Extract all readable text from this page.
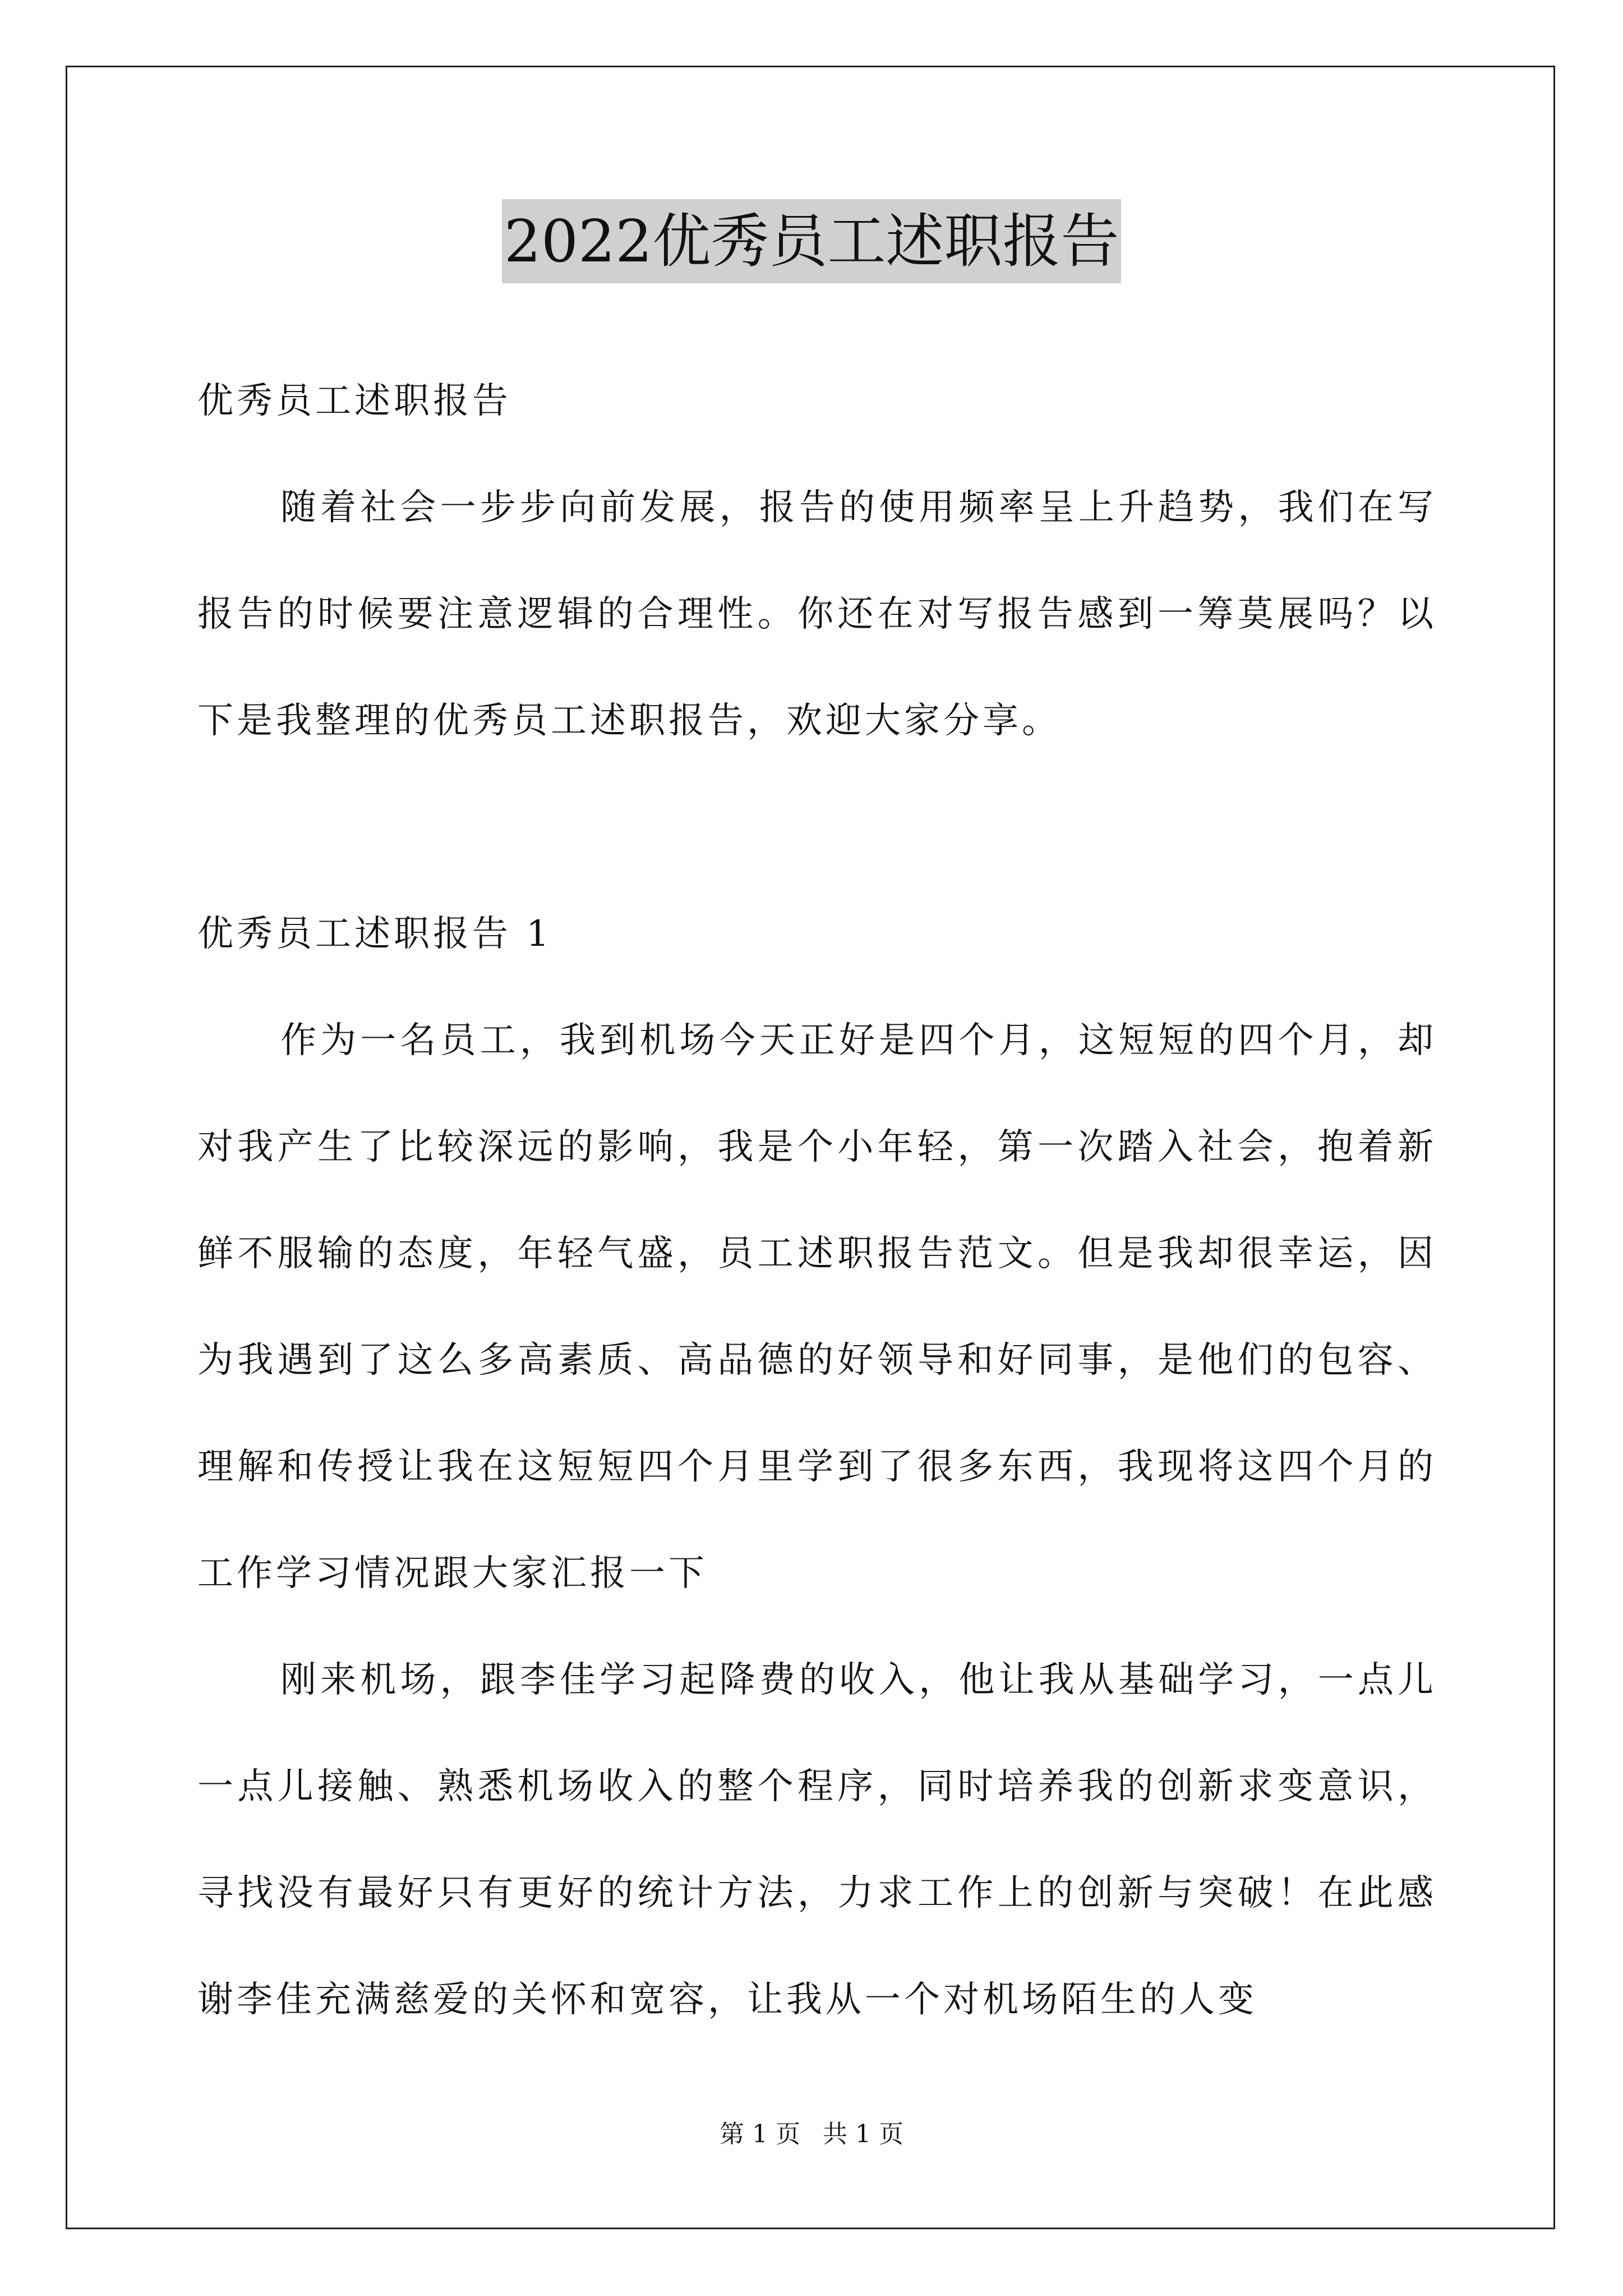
2022优秀员工述职报告

优秀员工述职报告

随着社会一步步向前发展，报告的使用频率呈上升趋势，我们在写报告的时候要注意逻辑的合理性。你还在对写报告感到一筹莫展吗？以下是我整理的优秀员工述职报告，欢迎大家分享。

优秀员工述职报告 1

作为一名员工，我到机场今天正好是四个月，这短短的四个月，却对我产生了比较深远的影响，我是个小年轻，第一次踏入社会，抱着新鲜不服输的态度，年轻气盛，员工述职报告范文。但是我却很幸运，因为我遇到了这么多高素质、高品德的好领导和好同事，是他们的包容、理解和传授让我在这短短四个月里学到了很多东西，我现将这四个月的工作学习情况跟大家汇报一下

刚来机场，跟李佳学习起降费的收入，他让我从基础学习，一点儿一点儿接触、熟悉机场收入的整个程序，同时培养我的创新求变意识，寻找没有最好只有更好的统计方法，力求工作上的创新与突破！在此感谢李佳充满慈爱的关怀和宽容，让我从一个对机场陌生的人变

第 1 页 共 1 页
